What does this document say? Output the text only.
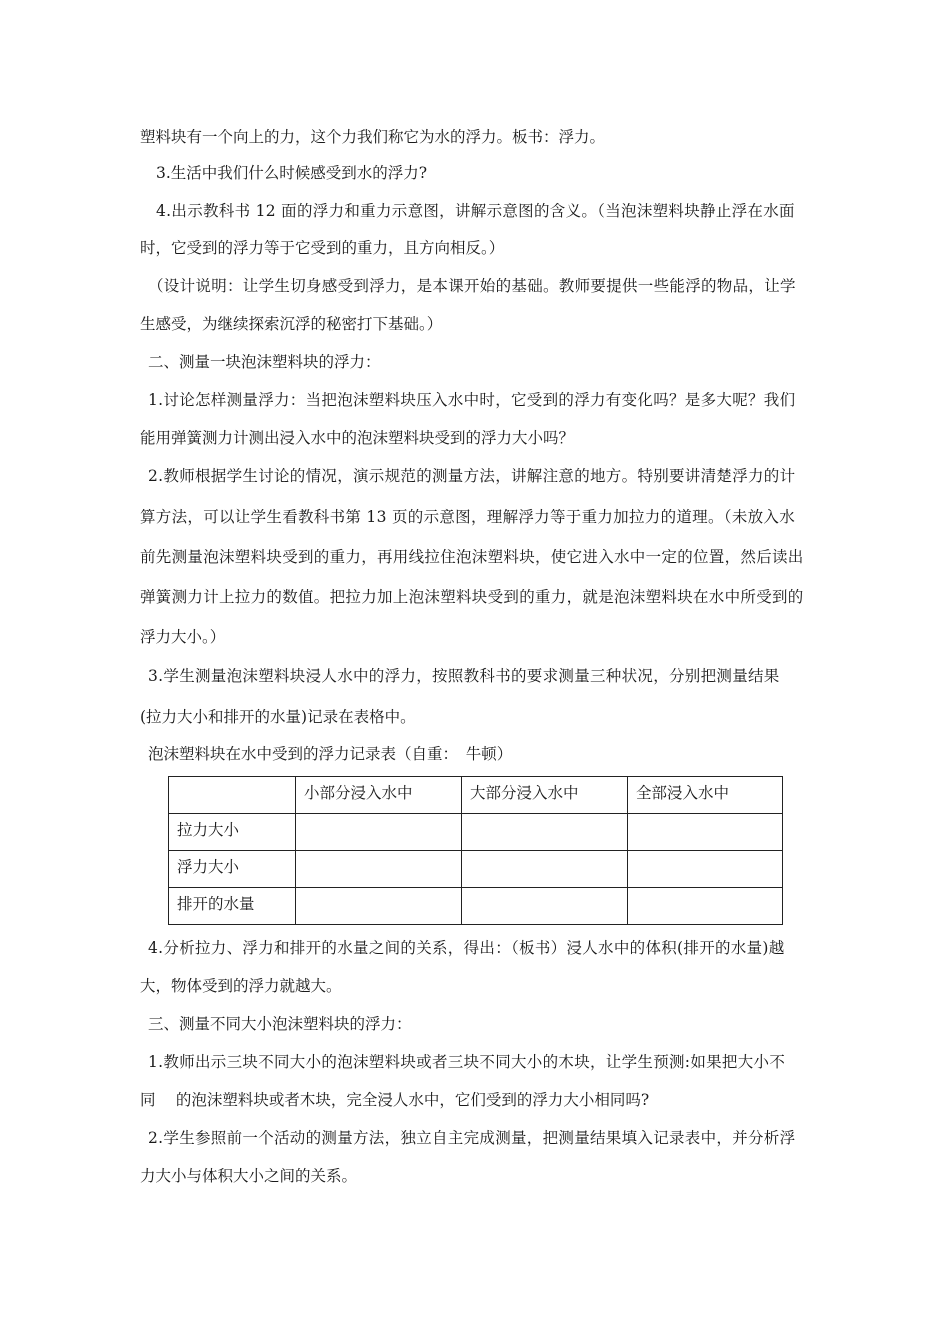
塑料块有一个向上的力，这个力我们称它为水的浮力。板书：浮力。
3.生活中我们什么时候感受到水的浮力?
4.出示教科书 12 面的浮力和重力示意图，讲解示意图的含义。（当泡沫塑料块静止浮在水面
时，它受到的浮力等于它受到的重力，且方向相反。）
（设计说明：让学生切身感受到浮力，是本课开始的基础。教师要提供一些能浮的物品，让学
生感受，为继续探索沉浮的秘密打下基础。）
二、测量一块泡沫塑料块的浮力：
1.讨论怎样测量浮力：当把泡沫塑料块压入水中时，它受到的浮力有变化吗？是多大呢？我们
能用弹簧测力计测出浸入水中的泡沫塑料块受到的浮力大小吗？
2.教师根据学生讨论的情况，演示规范的测量方法，讲解注意的地方。特别要讲清楚浮力的计
算方法，可以让学生看教科书第 13 页的示意图，理解浮力等于重力加拉力的道理。（未放入水
前先测量泡沫塑料块受到的重力，再用线拉住泡沫塑料块，使它进入水中一定的位置，然后读出
弹簧测力计上拉力的数值。把拉力加上泡沫塑料块受到的重力，就是泡沫塑料块在水中所受到的
浮力大小。）
3.学生测量泡沫塑料块浸人水中的浮力，按照教科书的要求测量三种状况，分别把测量结果
(拉力大小和排开的水量)记录在表格中。
泡沫塑料块在水中受到的浮力记录表（自重：　牛顿）
	小部分浸入水中	大部分浸入水中	全部浸入水中
拉力大小			
浮力大小			
排开的水量			
4.分析拉力、浮力和排开的水量之间的关系，得出：（板书）浸人水中的体积(排开的水量)越
大，物体受到的浮力就越大。
三、测量不同大小泡沫塑料块的浮力：
1.教师出示三块不同大小的泡沫塑料块或者三块不同大小的木块，让学生预测:如果把大小不
同　 的泡沫塑料块或者木块，完全浸人水中，它们受到的浮力大小相同吗?
2.学生参照前一个活动的测量方法，独立自主完成测量，把测量结果填入记录表中，并分析浮
力大小与体积大小之间的关系。
